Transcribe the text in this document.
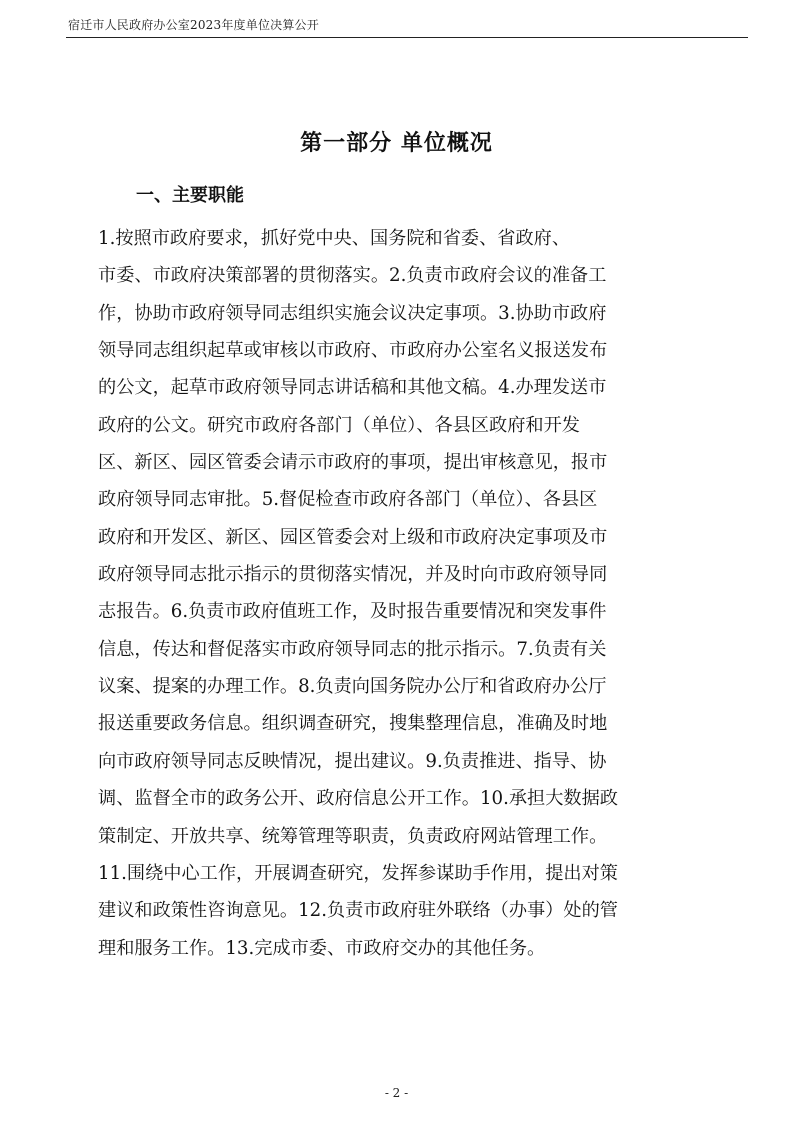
宿迁市人民政府办公室2023年度单位决算公开
第一部分 单位概况
一、主要职能
1.按照市政府要求，抓好党中央、国务院和省委、省政府、
市委、市政府决策部署的贯彻落实。2.负责市政府会议的准备工
作，协助市政府领导同志组织实施会议决定事项。3.协助市政府
领导同志组织起草或审核以市政府、市政府办公室名义报送发布
的公文，起草市政府领导同志讲话稿和其他文稿。4.办理发送市
政府的公文。研究市政府各部门（单位）、各县区政府和开发
区、新区、园区管委会请示市政府的事项，提出审核意见，报市
政府领导同志审批。5.督促检查市政府各部门（单位）、各县区
政府和开发区、新区、园区管委会对上级和市政府决定事项及市
政府领导同志批示指示的贯彻落实情况，并及时向市政府领导同
志报告。6.负责市政府值班工作，及时报告重要情况和突发事件
信息，传达和督促落实市政府领导同志的批示指示。7.负责有关
议案、提案的办理工作。8.负责向国务院办公厅和省政府办公厅
报送重要政务信息。组织调查研究，搜集整理信息，准确及时地
向市政府领导同志反映情况，提出建议。9.负责推进、指导、协
调、监督全市的政务公开、政府信息公开工作。10.承担大数据政
策制定、开放共享、统筹管理等职责，负责政府网站管理工作。
11.围绕中心工作，开展调查研究，发挥参谋助手作用，提出对策
建议和政策性咨询意见。12.负责市政府驻外联络（办事）处的管
理和服务工作。13.完成市委、市政府交办的其他任务。
- 2 -
